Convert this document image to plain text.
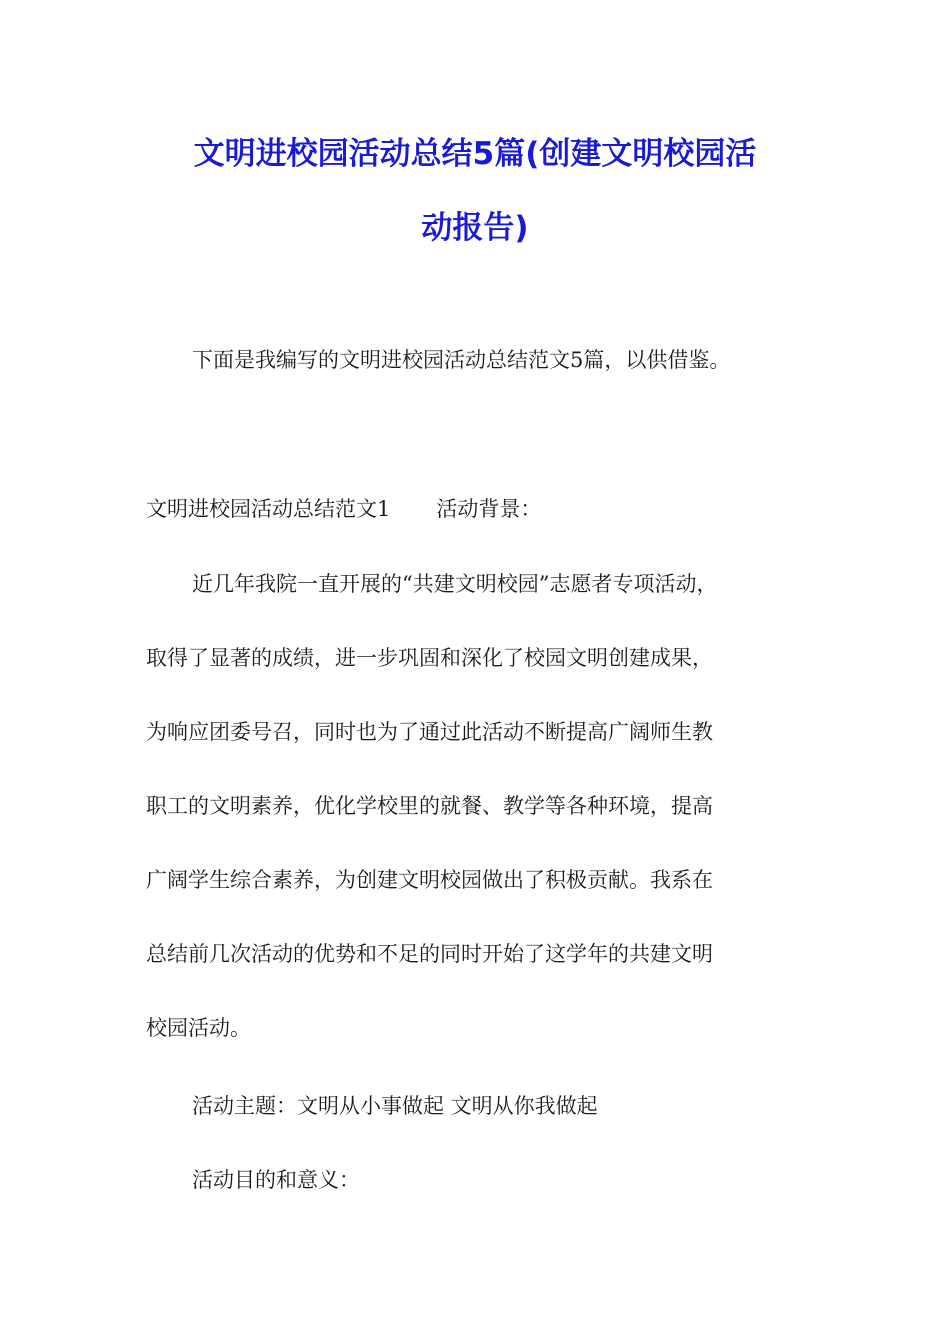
文明进校园活动总结5篇(创建文明校园活
动报告)

下面是我编写的文明进校园活动总结范文5篇，以供借鉴。

文明进校园活动总结范文1 活动背景：

近几年我院一直开展的“共建文明校园”志愿者专项活动，

取得了显著的成绩，进一步巩固和深化了校园文明创建成果，

为响应团委号召，同时也为了通过此活动不断提高广阔师生教

职工的文明素养，优化学校里的就餐、教学等各种环境，提高

广阔学生综合素养，为创建文明校园做出了积极贡献。我系在

总结前几次活动的优势和不足的同时开始了这学年的共建文明

校园活动。

活动主题：文明从小事做起 文明从你我做起

活动目的和意义：
